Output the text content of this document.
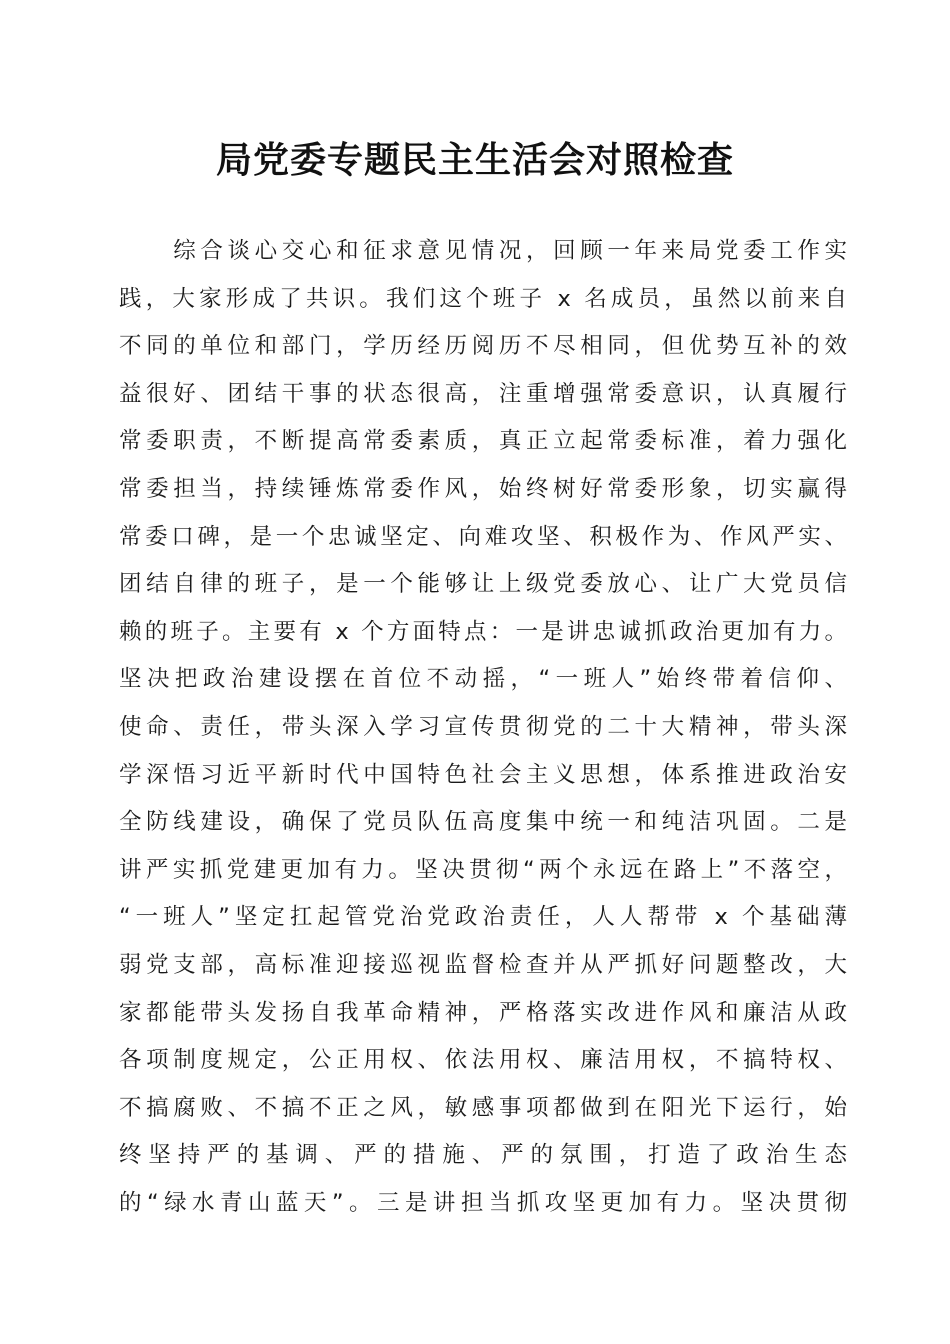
局党委专题民主生活会对照检查
　　综合谈心交心和征求意见情况，回顾一年来局党委工作实
践，大家形成了共识。我们这个班子 x 名成员，虽然以前来自
不同的单位和部门，学历经历阅历不尽相同，但优势互补的效
益很好、团结干事的状态很高，注重增强常委意识，认真履行
常委职责，不断提高常委素质，真正立起常委标准，着力强化
常委担当，持续锤炼常委作风，始终树好常委形象，切实赢得
常委口碑，是一个忠诚坚定、向难攻坚、积极作为、作风严实、
团结自律的班子，是一个能够让上级党委放心、让广大党员信
赖的班子。主要有 x 个方面特点：一是讲忠诚抓政治更加有力。
坚决把政治建设摆在首位不动摇，“一班人”始终带着信仰、
使命、责任，带头深入学习宣传贯彻党的二十大精神，带头深
学深悟习近平新时代中国特色社会主义思想，体系推进政治安
全防线建设，确保了党员队伍高度集中统一和纯洁巩固。二是
讲严实抓党建更加有力。坚决贯彻“两个永远在路上”不落空，
“一班人”坚定扛起管党治党政治责任，人人帮带 x 个基础薄
弱党支部，高标准迎接巡视监督检查并从严抓好问题整改，大
家都能带头发扬自我革命精神，严格落实改进作风和廉洁从政
各项制度规定，公正用权、依法用权、廉洁用权，不搞特权、
不搞腐败、不搞不正之风，敏感事项都做到在阳光下运行，始
终坚持严的基调、严的措施、严的氛围，打造了政治生态
的“绿水青山蓝天”。三是讲担当抓攻坚更加有力。坚决贯彻
